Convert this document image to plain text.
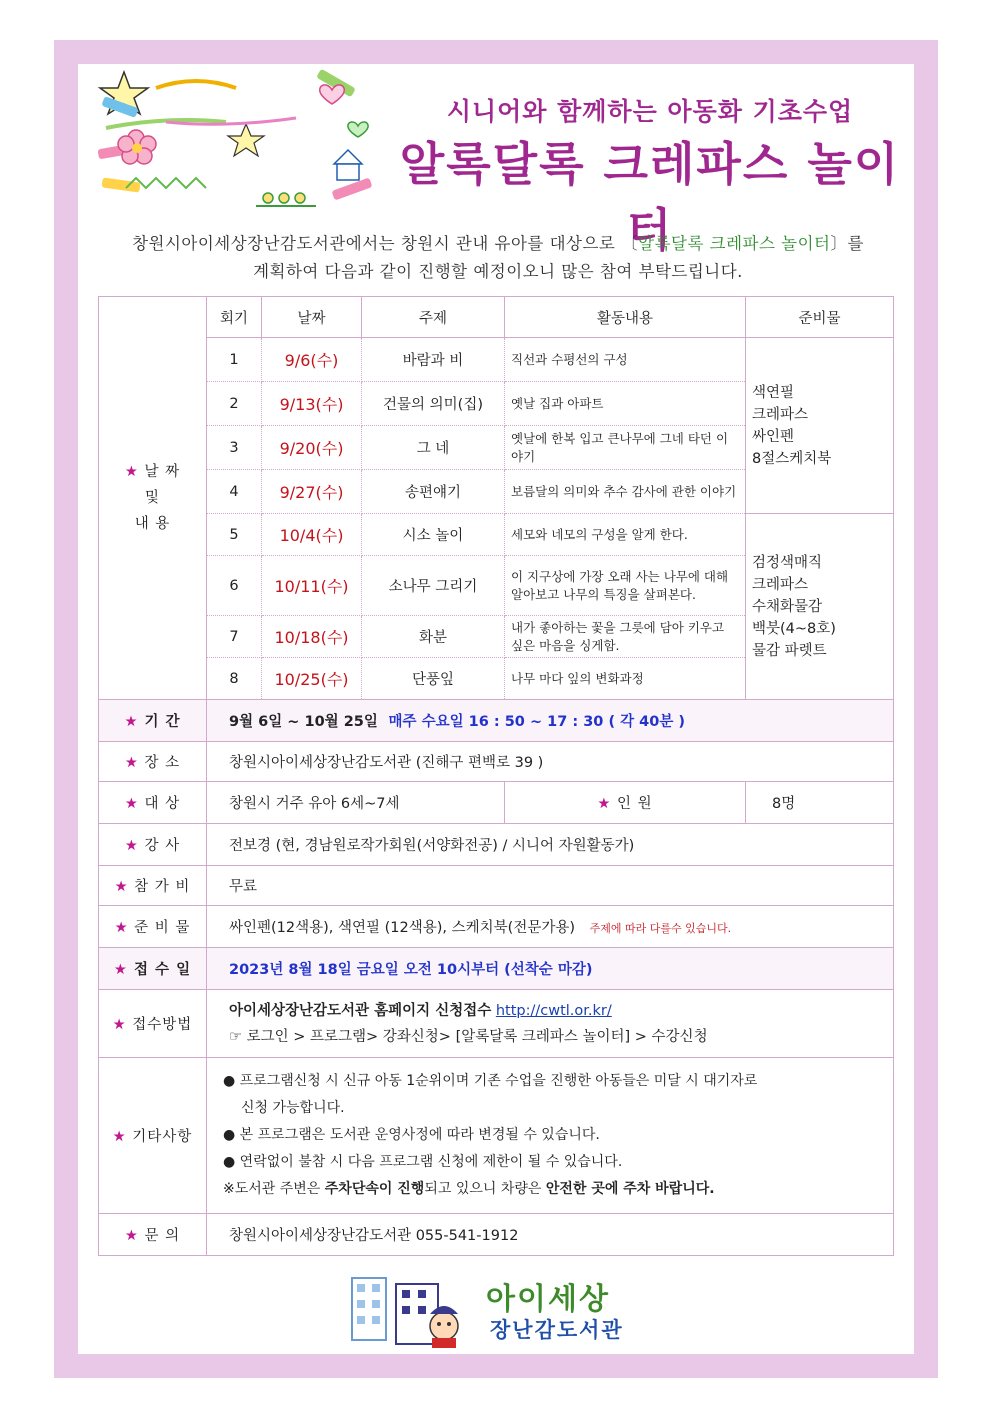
시니어와 함께하는 아동화 기초수업
알록달록 크레파스 놀이터
창원시아이세상장난감도서관에서는 창원시 관내 유아를 대상으로 〔알록달록 크레파스 놀이터〕를
계획하여 다음과 같이 진행할 예정이오니 많은 참여 부탁드립니다.
★ 날 짜
및
내 용	회기	날짜	주제	활동내용	준비물
	1	9/6(수)	바람과 비	직선과 수평선의 구성	색연필
크레파스
싸인펜
8절스케치북

	2	9/13(수)	건물의 의미(집)	옛날 집과 아파트	
	3	9/20(수)	그 네	옛날에 한복 입고 큰나무에 그네 타던 이야기	
	4	9/27(수)	송편얘기	보름달의 의미와 추수 감사에 관한 이야기	
	5	10/4(수)	시소 놀이	세모와 네모의 구성을 알게 한다.	검정색매직
크레파스
수채화물감
백붓(4~8호)
물감 파렛트

	6	10/11(수)	소나무 그리기	이 지구상에 가장 오래 사는 나무에 대해 알아보고 나무의 특징을 살펴본다.	
	7	10/18(수)	화분	내가 좋아하는 꽃을 그릇에 담아 키우고 싶은 마음을 싱게함.	
	8	10/25(수)	단풍잎	나무 마다 잎의 변화과정	
★ 기 간	9월 6일 ~ 10월 25일 매주 수요일 16 : 50 ~ 17 : 30 ( 각 40분 )				
★ 장 소	창원시아이세상장난감도서관 (진해구 편백로 39 )				
★ 대 상	창원시 거주 유아 6세~7세			★ 인 원	8명
★ 강 사	전보경 (현, 경남원로작가회원(서양화전공) / 시니어 자원활동가)				
★ 참 가 비	무료				
★ 준 비 물	싸인펜(12색용), 색연필 (12색용), 스케치북(전문가용) 주제에 따라 다를수 있습니다.				
★ 접 수 일	2023년 8월 18일 금요일 오전 10시부터 (선착순 마감)				
★ 접수방법	아이세상장난감도서관 홈페이지 신청접수 http://cwtl.or.kr/
☞ 로그인 > 프로그램> 강좌신청> [알록달록 크레파스 놀이터] > 수강신청				

★ 기타사항	● 프로그램신청 시 신규 아동 1순위이며 기존 수업을 진행한 아동들은 미달 시 대기자로
신청 가능합니다.
● 본 프로그램은 도서관 운영사정에 따라 변경될 수 있습니다.
● 연락없이 불참 시 다음 프로그램 신청에 제한이 될 수 있습니다.
※도서관 주변은 주차단속이 진행되고 있으니 차량은 안전한 곳에 주차 바랍니다.				

★ 문 의	창원시아이세상장난감도서관 055-541-1912				
아이세상
장난감도서관
